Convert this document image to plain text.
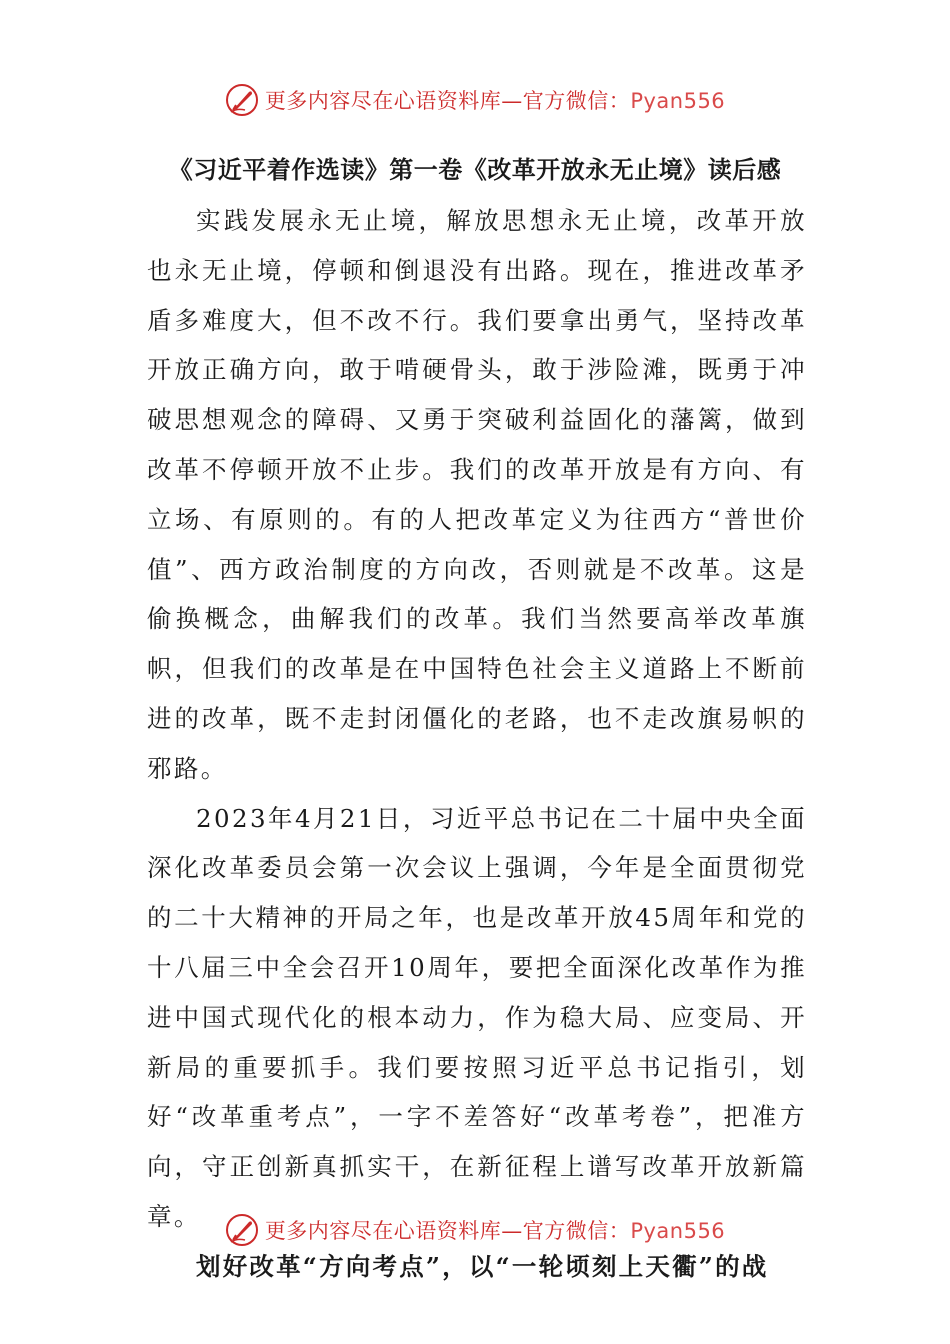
更多内容尽在心语资料库—官方微信：Pyan556
《习近平着作选读》第一卷《改革开放永无止境》读后感

实践发展永无止境，解放思想永无止境，改革开放也永无止境，停顿和倒退没有出路。现在，推进改革矛盾多难度大，但不改不行。我们要拿出勇气，坚持改革开放正确方向，敢于啃硬骨头，敢于涉险滩，既勇于冲破思想观念的障碍、又勇于突破利益固化的藩篱，做到改革不停顿开放不止步。我们的改革开放是有方向、有立场、有原则的。有的人把改革定义为往西方“普世价值”、西方政治制度的方向改，否则就是不改革。这是偷换概念，曲解我们的改革。我们当然要高举改革旗帜，但我们的改革是在中国特色社会主义道路上不断前进的改革，既不走封闭僵化的老路，也不走改旗易帜的邪路。

2023年4月21日，习近平总书记在二十届中央全面深化改革委员会第一次会议上强调，今年是全面贯彻党的二十大精神的开局之年，也是改革开放45周年和党的十八届三中全会召开10周年，要把全面深化改革作为推进中国式现代化的根本动力，作为稳大局、应变局、开新局的重要抓手。我们要按照习近平总书记指引，划好“改革重考点”，一字不差答好“改革考卷”，把准方向，守正创新真抓实干，在新征程上谱写改革开放新篇章。

划好改革“方向考点”，以“一轮顷刻上天衢”的战

更多内容尽在心语资料库—官方微信：Pyan556
